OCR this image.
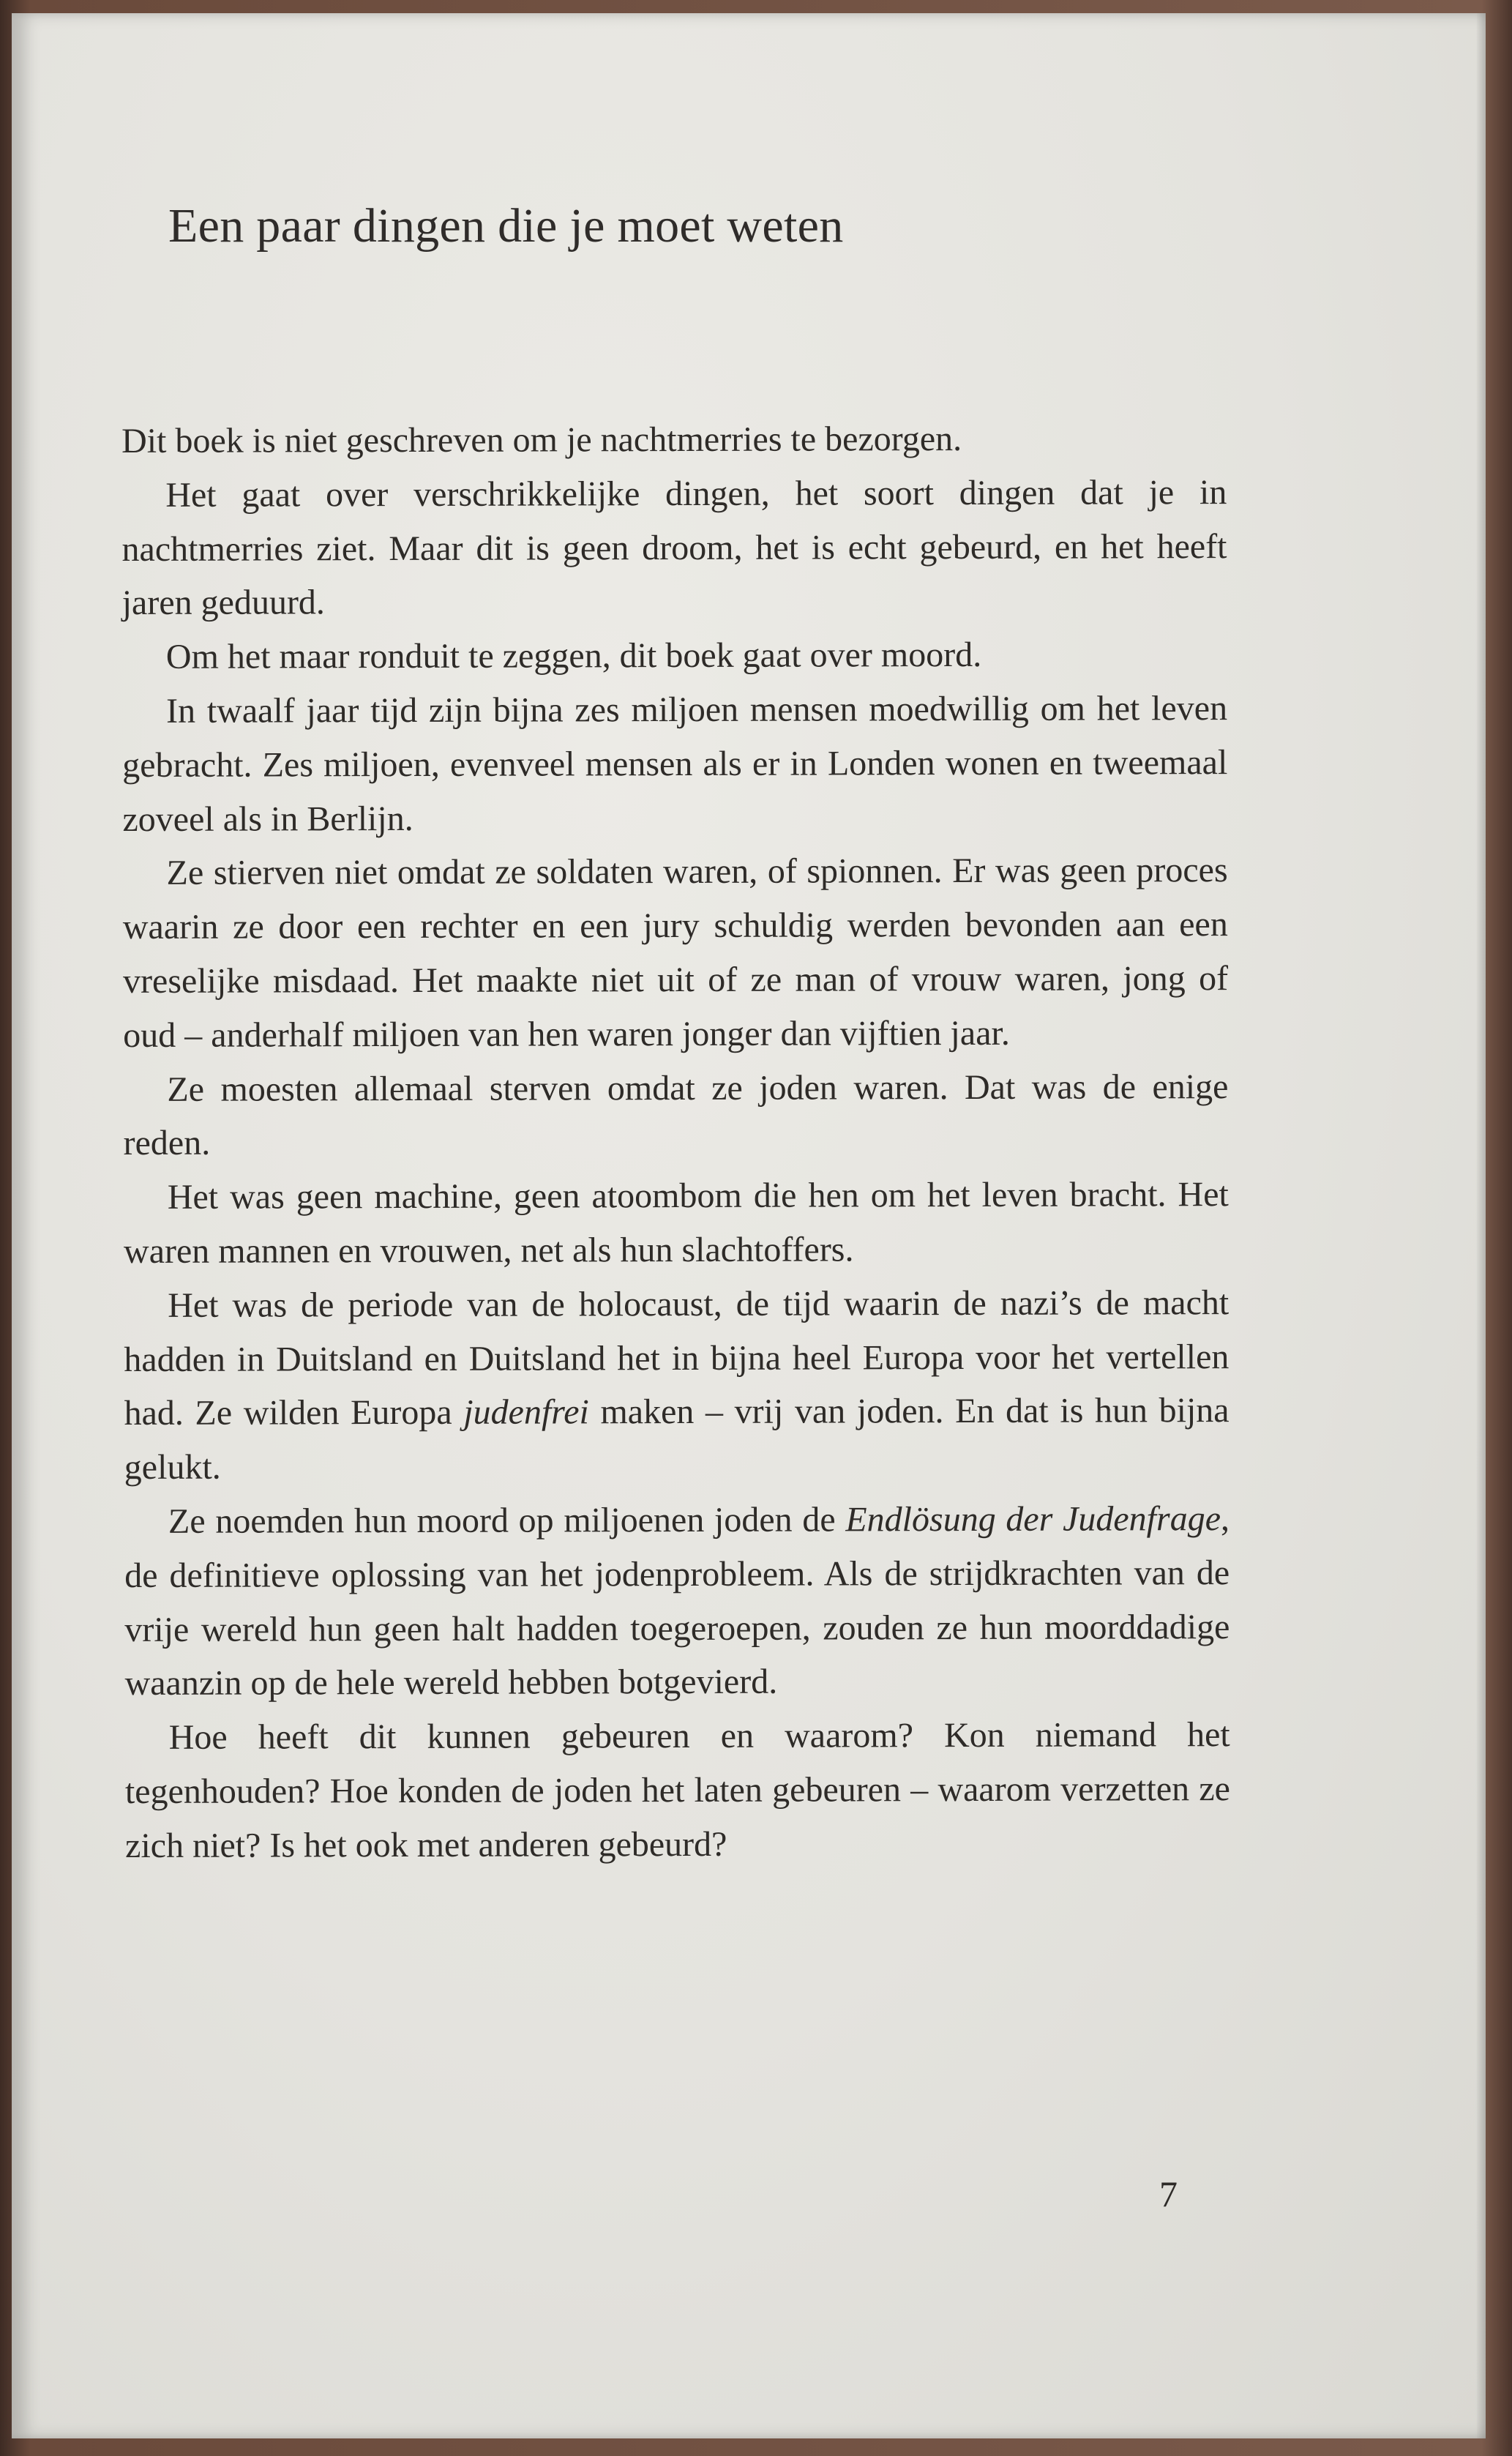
Een paar dingen die je moet weten

Dit boek is niet geschreven om je nachtmerries te bezorgen.

Het gaat over verschrikkelijke dingen, het soort dingen dat je in nachtmerries ziet. Maar dit is geen droom, het is echt gebeurd, en het heeft jaren geduurd.

Om het maar ronduit te zeggen, dit boek gaat over moord.

In twaalf jaar tijd zijn bijna zes miljoen mensen moedwillig om het leven gebracht. Zes miljoen, evenveel mensen als er in Londen wonen en tweemaal zoveel als in Berlijn.

Ze stierven niet omdat ze soldaten waren, of spionnen. Er was geen proces waarin ze door een rechter en een jury schuldig werden bevonden aan een vreselijke misdaad. Het maakte niet uit of ze man of vrouw waren, jong of oud – anderhalf miljoen van hen waren jonger dan vijftien jaar.

Ze moesten allemaal sterven omdat ze joden waren. Dat was de enige reden.

Het was geen machine, geen atoombom die hen om het leven bracht. Het waren mannen en vrouwen, net als hun slachtoffers.

Het was de periode van de holocaust, de tijd waarin de nazi’s de macht hadden in Duitsland en Duitsland het in bijna heel Europa voor het vertellen had. Ze wilden Europa judenfrei maken – vrij van joden. En dat is hun bijna gelukt.

Ze noemden hun moord op miljoenen joden de Endlösung der Judenfrage, de definitieve oplossing van het jodenprobleem. Als de strijdkrachten van de vrije wereld hun geen halt hadden toegeroepen, zouden ze hun moorddadige waanzin op de hele wereld hebben botgevierd.

Hoe heeft dit kunnen gebeuren en waarom? Kon niemand het tegenhouden? Hoe konden de joden het laten gebeuren – waarom verzetten ze zich niet? Is het ook met anderen gebeurd?

7
